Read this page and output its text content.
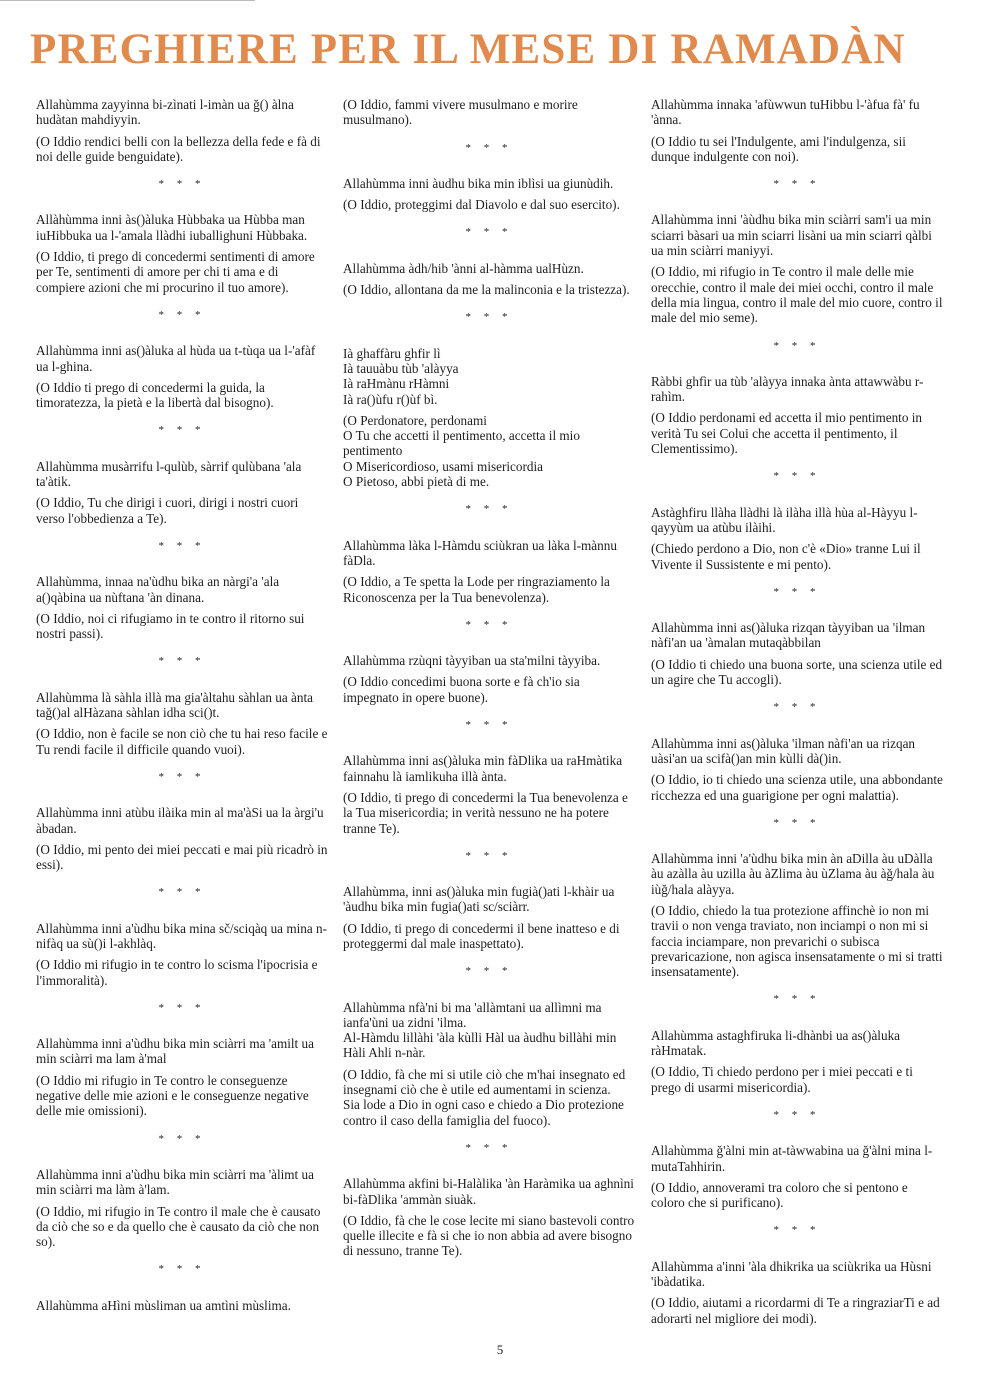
PREGHIERE PER IL MESE DI RAMADÀN

Allahùmma zayyinna bi-zìnati l-imàn ua ğ() àlna hudàtan mahdiyyin.

(O Iddio rendici belli con la bellezza della fede e fà di noi delle guide benguidate).

* * *

Allàhùmma inni às()àluka Hùbbaka ua Hùbba man iuHibbuka ua l-'amala llàdhi iuballighuni Hùbbaka.

(O Iddio, ti prego di concedermi sentimenti di amore per Te, sentimenti di amore per chi ti ama e di compiere azioni che mi procurino il tuo amore).

* * *

Allahùmma inni as()àluka al hùda ua t-tùqa ua l-'afàf ua l-ghina.

(O Iddio ti prego di concedermi la guida, la timoratezza, la pietà e la libertà dal bisogno).

* * *

Allahùmma musàrrifu l-qulùb, sàrrif qulùbana 'ala ta'àtik.

(O Iddio, Tu che dirigi i cuori, dirigi i nostri cuori verso l'obbedienza a Te).

* * *

Allahùmma, innaa na'ùdhu bika an nàrgi'a 'ala a()qàbina ua nùftana 'àn dinana.

(O Iddio, noi ci rifugiamo in te contro il ritorno sui nostri passi).

* * *

Allahùmma là sàhla illà ma gia'àltahu sàhlan ua ànta tağ()al alHàzana sàhlan idha sci()t.

(O Iddio, non è facile se non ciò che tu hai reso facile e Tu rendi facile il difficile quando vuoi).

* * *

Allahùmma inni atùbu ilàika min al ma'àSi ua la àrgi'u àbadan.

(O Iddio, mi pento dei miei peccati e mai più ricadrò in essi).

* * *

Allahùmma inni a'ùdhu bika mina sč/sciqàq ua mina n-nifàq ua sù()i l-akhlàq.

(O Iddio mi rifugio in te contro lo scisma l'ipocrisia e l'immoralità).

* * *

Allahùmma inni a'ùdhu bika min sciàrri ma 'amilt ua min sciàrri ma lam à'mal

(O Iddio mi rifugio in Te contro le conseguenze negative delle mie azioni e le conseguenze negative delle mie omissioni).

* * *

Allahùmma inni a'ùdhu bika min sciàrri ma 'àlimt ua min sciàrri ma làm à'lam.

(O Iddio, mi rifugio in Te contro il male che è causato da ciò che so e da quello che è causato da ciò che non so).

* * *

Allahùmma aHìni mùsliman ua amtìni mùslima.

(O Iddio, fammi vivere musulmano e morire musulmano).

* * *

Allahùmma inni àudhu bika min iblìsi ua giunùdih.

(O Iddio, proteggimi dal Diavolo e dal suo esercito).

* * *

Allahùmma àdh/hib 'ànni al-hàmma ualHùzn.

(O Iddio, allontana da me la malinconia e la tristezza).

* * *

Ià ghaffàru ghfir lì
Ià tauuàbu tùb 'alàyya
Ià raHmànu rHàmni
Ià ra()ùfu r()ùf bì.

(O Perdonatore, perdonami
O Tu che accetti il pentimento, accetta il mio pentimento
O Misericordioso, usami misericordia
O Pietoso, abbi pietà di me.

* * *

Allahùmma làka l-Hàmdu sciùkran ua làka l-mànnu fàDla.

(O Iddio, a Te spetta la Lode per ringraziamento la Riconoscenza per la Tua benevolenza).

* * *

Allahùmma rzùqni tàyyiban ua sta'milni tàyyiba.

(O Iddio concedimi buona sorte e fà ch'io sia impegnato in opere buone).

* * *

Allahùmma inni as()àluka min fàDlika ua raHmàtika fainnahu là iamlikuha illà ànta.

(O Iddio, ti prego di concedermi la Tua benevolenza e la Tua misericordia; in verità nessuno ne ha potere tranne Te).

* * *

Allahùmma, inni as()àluka min fugià()ati l-khàir ua 'àudhu bika min fugia()ati sc/sciàrr.

(O Iddio, ti prego di concedermi il bene inatteso e di proteggermi dal male inaspettato).

* * *

Allahùmma nfà'ni bi ma 'allàmtani ua allìmni ma ianfa'ùni ua zidni 'ilma.
Al-Hàmdu lillàhi 'àla kùlli Hàl ua àudhu billàhi min Hàli Ahli n-nàr.

(O Iddio, fà che mi si utile ciò che m'hai insegnato ed insegnami ciò che è utile ed aumentami in scienza.
Sia lode a Dio in ogni caso e chiedo a Dio protezione contro il caso della famiglia del fuoco).

* * *

Allahùmma akfini bi-Halàlika 'àn Haràmika ua aghnìni bi-fàDlika 'ammàn siuàk.

(O Iddio, fà che le cose lecite mi siano bastevoli contro quelle illecite e fà si che io non abbia ad avere bisogno di nessuno, tranne Te).

Allahùmma innaka 'afùwwun tuHibbu l-'àfua fà' fu 'ànna.

(O Iddio tu sei l'Indulgente, ami l'indulgenza, sii dunque indulgente con noi).

* * *

Allahùmma inni 'àùdhu bika min sciàrri sam'i ua min sciarri bàsari ua min sciarri lisàni ua min sciarri qàlbi ua min sciàrri maniyyi.

(O Iddio, mi rifugio in Te contro il male delle mie orecchie, contro il male dei miei occhi, contro il male della mia lingua, contro il male del mio cuore, contro il male del mio seme).

* * *

Ràbbi ghfìr ua tùb 'alàyya innaka ànta attawwàbu r-rahìm.

(O Iddio perdonami ed accetta il mio pentimento in verità Tu sei Colui che accetta il pentimento, il Clementissimo).

* * *

Astàghfiru llàha llàdhi là ilàha illà hùa al-Hàyyu l-qayyùm ua atùbu ilàihi.

(Chiedo perdono a Dio, non c'è «Dio» tranne Lui il Vivente il Sussistente e mi pento).

* * *

Allahùmma inni as()àluka rizqan tàyyiban ua 'ilman nàfi'an ua 'àmalan mutaqàbbilan

(O Iddio ti chiedo una buona sorte, una scienza utile ed un agire che Tu accogli).

* * *

Allahùmma inni as()àluka 'ilman nàfi'an ua rizqan uàsi'an ua scifà()an min kùlli dà()in.

(O Iddio, io ti chiedo una scienza utile, una abbondante ricchezza ed una guarigione per ogni malattia).

* * *

Allahùmma inni 'a'ùdhu bika min àn aDilla àu uDàlla àu azàlla àu uzilla àu àZlima àu ùZlama àu àğ/hala àu iùğ/hala alàyya.

(O Iddio, chiedo la tua protezione affinchè io non mi travii o non venga traviato, non inciampi o non mi si faccia inciampare, non prevarichi o subisca prevaricazione, non agisca insensatamente o mi si tratti insensatamente).

* * *

Allahùmma astaghfiruka li-dhànbi ua as()àluka ràHmatak.

(O Iddio, Ti chiedo perdono per i miei peccati e ti prego di usarmi misericordia).

* * *

Allahùmma ğ'àlni min at-tàwwabina ua ğ'àlni mina l-mutaTahhirin.

(O Iddio, annoverami tra coloro che si pentono e coloro che si purificano).

* * *

Allahùmma a'inni 'àla dhikrika ua sciùkrika ua Hùsni 'ibàdatika.

(O Iddio, aiutami a ricordarmi di Te a ringraziarTi e ad adorarti nel migliore dei modi).

5
